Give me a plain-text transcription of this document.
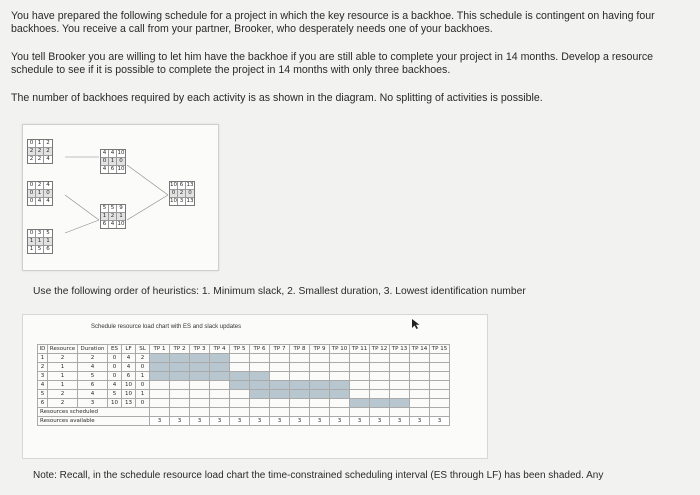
You have prepared the following schedule for a project in which the key resource is a backhoe. This schedule is contingent on having four backhoes. You receive a call from your partner, Brooker, who desperately needs one of your backhoes.

You tell Brooker you are willing to let him have the backhoe if you are still able to complete your project in 14 months. Develop a resource schedule to see if it is possible to complete the project in 14 months with only three backhoes.

The number of backhoes required by each activity is as shown in the diagram. No splitting of activities is possible.

0 1 2
2 2 2
2 2 4
4 4 10
0 1 0
4 6 10
0 2 4
0 1 0
0 4 4
5 5 9
1 2 1
6 4 10
0 3 5
1 1 1
1 5 6
10 6 13
0 2 0
10 3 13

Use the following order of heuristics: 1. Minimum slack, 2. Smallest duration, 3. Lowest identification number

Schedule resource load chart with ES and slack updates

ID	Resource	Duration	ES	LF	SL	TP 1	TP 2	TP 3	TP 4	TP 5	TP 6	TP 7	TP 8	TP 9	TP 10	TP 11	TP 12	TP 13	TP 14	TP 15
1	2	2	0	4	2															
2	1	4	0	4	0															
3	1	5	0	6	1															
4	1	6	4	10	0															
5	2	4	5	10	1															
6	2	3	10	13	0															
Resources scheduled																				
Resources available						3	3	3	3	3	3	3	3	3	3	3	3	3	3	3

Note: Recall, in the schedule resource load chart the time-constrained scheduling interval (ES through LF) has been shaded. Any
